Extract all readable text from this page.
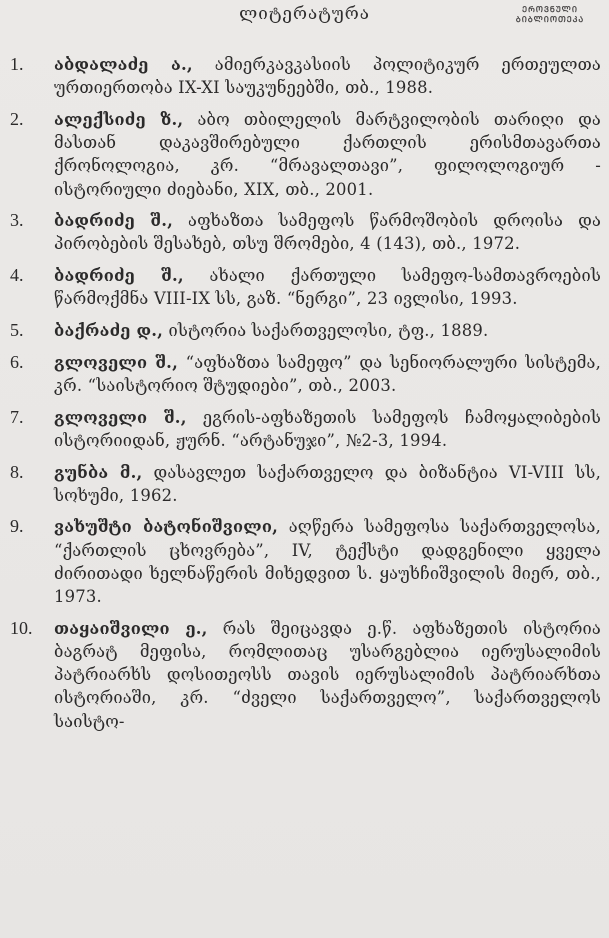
ᲔᲠᲝᲕᲜᲣᲚᲘ
ᲑᲘᲑᲚᲘᲝᲗᲔᲙᲐ
ლიტერატურა
1.	აბდალაძე ა., ამიერკავკასიის პოლიტიკურ ერთეულთა ურთიერთობა IX-XI საუკუნეებში, თბ., 1988.
2.	ალექსიძე ზ., აბო თბილელის მარტვილობის თარიღი და მასთან დაკავშირებული ქართლის ერისმთავართა ქრონოლოგია, კრ. “მრავალთავი”, ფილოლოგიურ - ისტორიული ძიებანი, XIX, თბ., 2001.
3.	ბადრიძე შ., აფხაზთა სამეფოს წარმოშობის დროისა და პირობების შესახებ, თსუ შრომები, 4 (143), თბ., 1972.
4.	ბადრიძე შ., ახალი ქართული სამეფო-სამთავროების წარმოქმნა VIII-IX სს, გაზ. “ნერგი”, 23 ივლისი, 1993.
5.	ბაქრაძე დ., ისტორია საქართველოსი, ტფ., 1889.
6.	გლოველი შ., “აფხაზთა სამეფო” და სენიორალური სისტემა, კრ. “საისტორიო შტუდიები”, თბ., 2003.
7.	გლოველი შ., ეგრის-აფხაზეთის სამეფოს ჩამოყალიბების ისტორიიდან, ჟურნ. “არტანუჯი”, №2-3, 1994.
8.	გუნბა მ., დასავლეთ საქართველო და ბიზანტია VI-VIII სს, სოხუმი, 1962.
9.	ვახუშტი ბატონიშვილი, აღწერა სამეფოსა საქართველოსა, “ქართლის ცხოვრება”, IV, ტექსტი დადგენილი ყველა ძირითადი ხელნაწერის მიხედვით ს. ყაუხჩიშვილის მიერ, თბ., 1973.
10.	თაყაიშვილი ე., რას შეიცავდა ე.წ. აფხაზეთის ისტორია ბაგრატ მეფისა, რომლითაც უსარგებლია იერუსალიმის პატრიარხს დოსითეოსს თავის იერუსალიმის პატრიარხთა ისტორიაში, კრ. “ძველი საქართველო”, საქართველოს საისტო-
